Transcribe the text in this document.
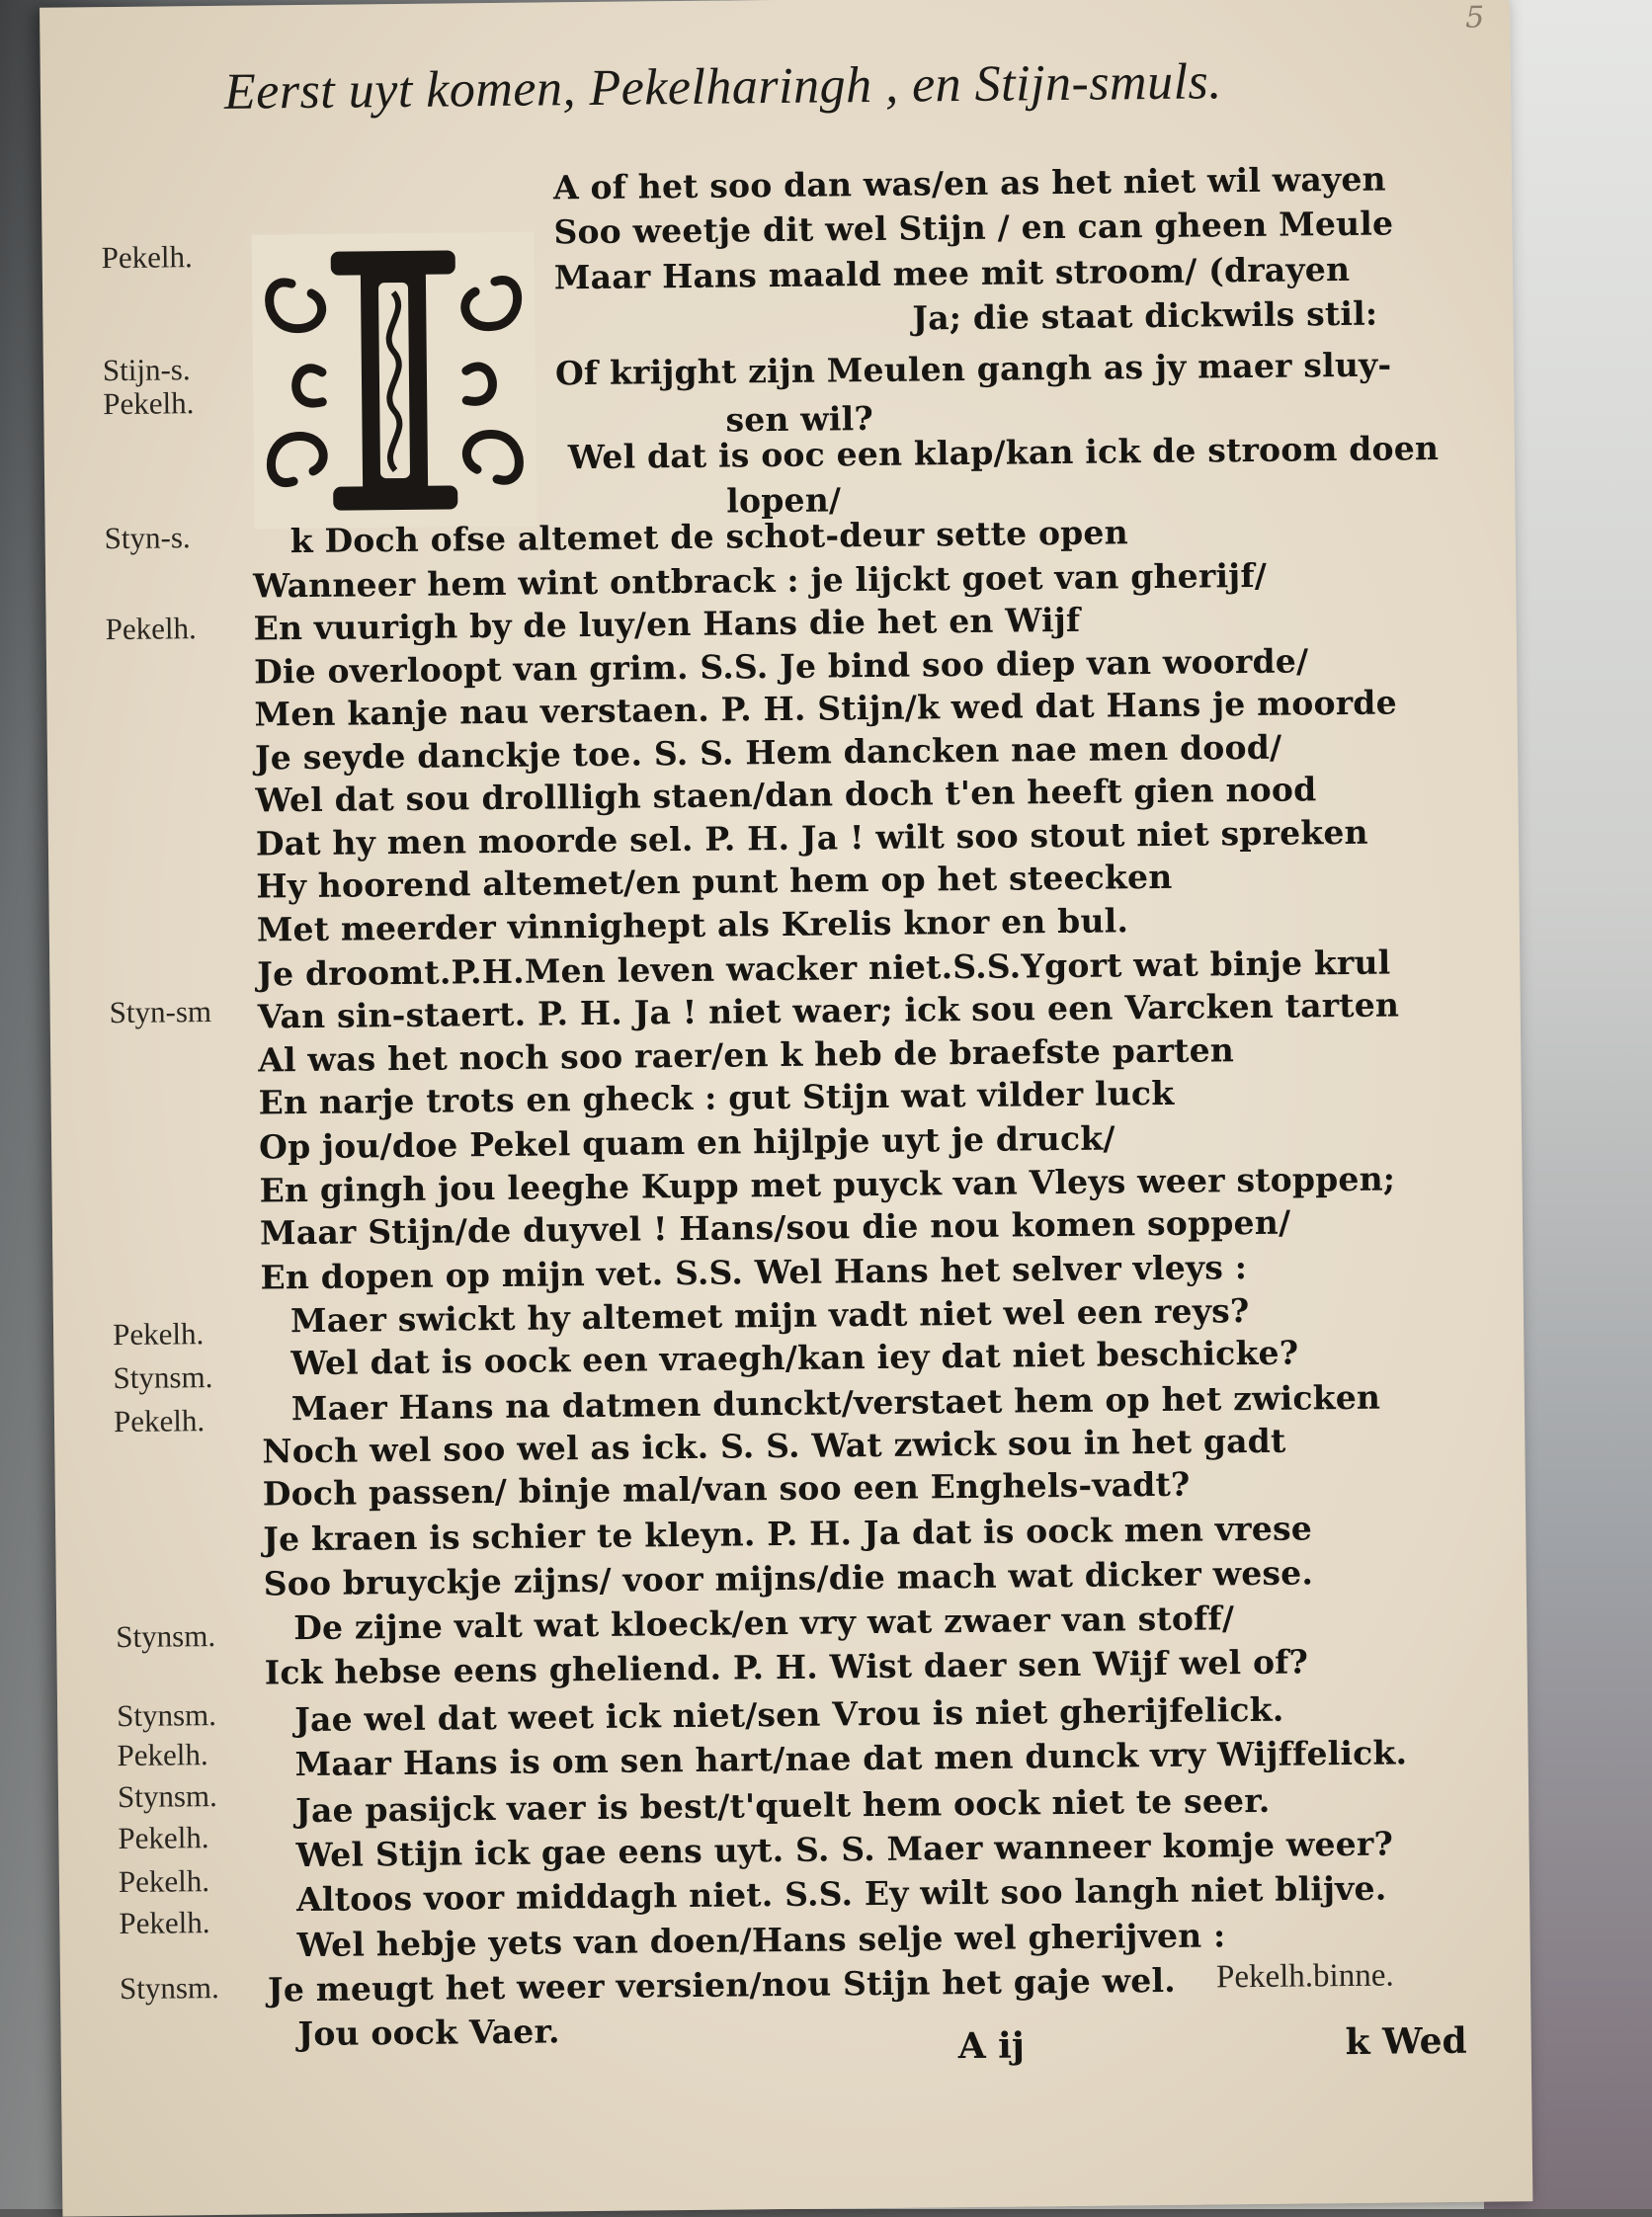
5
Eerst uyt komen, Pekelharingh , en Stijn-smuls.
A of het soo dan was/en as het niet wil wayen
Soo weetje dit wel Stijn / en can gheen Meule
Maar Hans maald mee mit stroom/ (drayen
Ja; die staat dickwils stil:
Of krijght zijn Meulen gangh as jy maer sluy-
sen wil?
Wel dat is ooc een klap/kan ick de stroom doen
lopen/
k Doch ofse altemet de schot-deur sette open
Wanneer hem wint ontbrack : je lijckt goet van gherijf/
En vuurigh by de luy/en Hans die het en Wijf
Die overloopt van grim. S.S. Je bind soo diep van woorde/
Men kanje nau verstaen. P. H. Stijn/k wed dat Hans je moorde
Je seyde danckje toe. S. S. Hem dancken nae men dood/
Wel dat sou drollligh staen/dan doch t'en heeft gien nood
Dat hy men moorde sel. P. H. Ja ! wilt soo stout niet spreken
Hy hoorend altemet/en punt hem op het steecken
Met meerder vinnighept als Krelis knor en bul.
Je droomt.P.H.Men leven wacker niet.S.S.Ygort wat binje krul
Van sin-staert. P. H. Ja ! niet waer; ick sou een Varcken tarten
Al was het noch soo raer/en k heb de braefste parten
En narje trots en gheck : gut Stijn wat vilder luck
Op jou/doe Pekel quam en hijlpje uyt je druck/
En gingh jou leeghe Kupp met puyck van Vleys weer stoppen;
Maar Stijn/de duyvel ! Hans/sou die nou komen soppen/
En dopen op mijn vet. S.S. Wel Hans het selver vleys :
Maer swickt hy altemet mijn vadt niet wel een reys?
Wel dat is oock een vraegh/kan iey dat niet beschicke?
Maer Hans na datmen dunckt/verstaet hem op het zwicken
Noch wel soo wel as ick. S. S. Wat zwick sou in het gadt
Doch passen/ binje mal/van soo een Enghels-vadt?
Je kraen is schier te kleyn. P. H. Ja dat is oock men vrese
Soo bruyckje zijns/ voor mijns/die mach wat dicker wese.
De zijne valt wat kloeck/en vry wat zwaer van stoff/
Ick hebse eens gheliend. P. H. Wist daer sen Wijf wel of?
Jae wel dat weet ick niet/sen Vrou is niet gherijfelick.
Maar Hans is om sen hart/nae dat men dunck vry Wijffelick.
Jae pasijck vaer is best/t'quelt hem oock niet te seer.
Wel Stijn ick gae eens uyt. S. S. Maer wanneer komje weer?
Altoos voor middagh niet. S.S. Ey wilt soo langh niet blijve.
Wel hebje yets van doen/Hans selje wel gherijven :
Je meugt het weer versien/nou Stijn het gaje wel.
Jou oock Vaer.
Pekelh.
Stijn-s.
Pekelh.
Styn-s.
Pekelh.
Styn-sm
Pekelh.
Stynsm.
Pekelh.
Stynsm.
Stynsm.
Pekelh.
Stynsm.
Pekelh.
Pekelh.
Pekelh.
Stynsm.	Pekelh.binne.
A ij	k Wed
